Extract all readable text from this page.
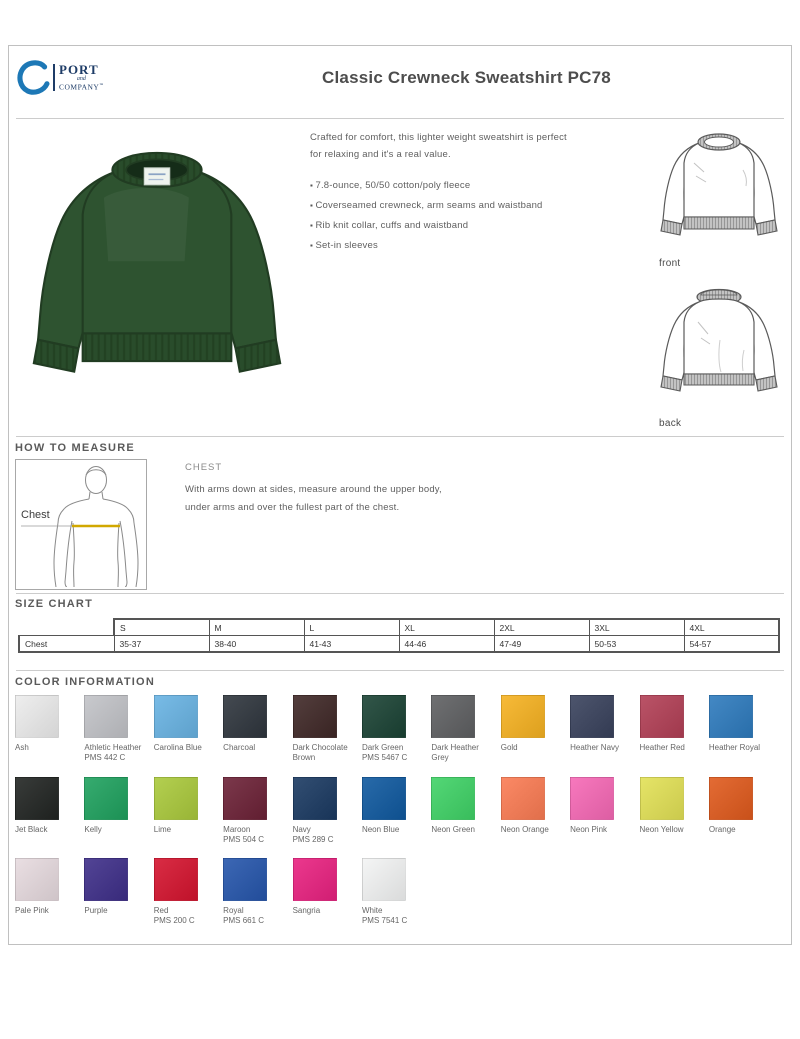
PORT
and
COMPANY™	Classic Crewneck Sweatshirt PC78

Crafted for comfort, this lighter weight sweatshirt is perfect for relaxing and it's a real value.

▪ 7.8-ounce, 50/50 cotton/poly fleece
▪ Coverseamed crewneck, arm seams and waistband
▪ Rib knit collar, cuffs and waistband
▪ Set-in sleeves
front
back
HOW TO MEASURE
Chest
CHEST

With arms down at sides, measure around the upper body, under arms and over the fullest part of the chest.

SIZE CHART
	S	M	L	XL	2XL	3XL	4XL
Chest	35-37	38-40	41-43	44-46	47-49	50-53	54-57
COLOR INFORMATION
Ash	Athletic Heather
PMS 442 C
Carolina Blue	Charcoal	Dark Chocolate Brown
Dark Green
PMS 5467 C
Dark Heather Grey
Gold	Heather Navy	Heather Red	Heather Royal
Jet Black	Kelly	Lime	Maroon
PMS 504 C
Navy
PMS 289 C
Neon Blue	Neon Green	Neon Orange	Neon Pink	Neon Yellow	Orange
Pale Pink	Purple	Red
PMS 200 C
Royal
PMS 661 C
Sangria	White
PMS 7541 C
